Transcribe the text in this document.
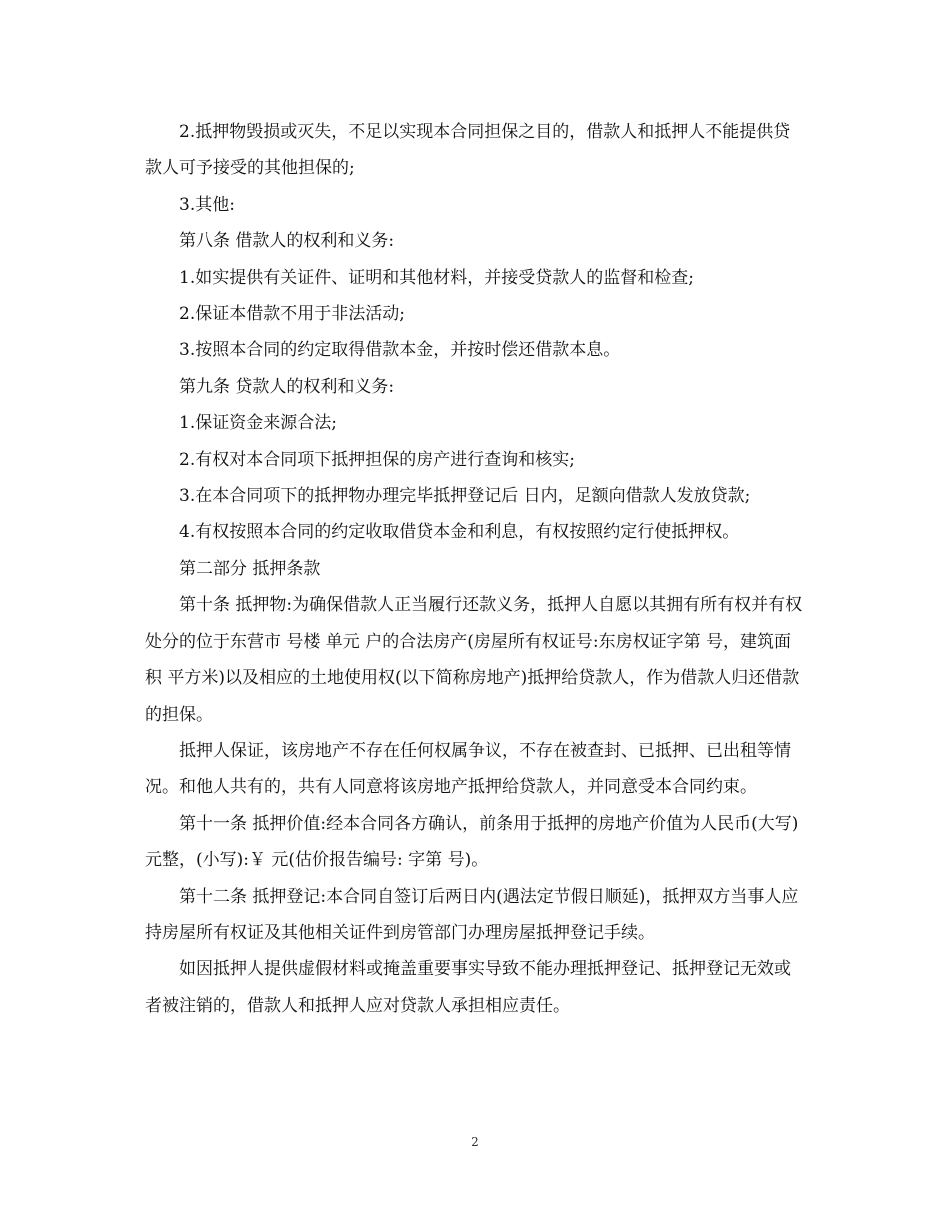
2.抵押物毁损或灭失，不足以实现本合同担保之目的，借款人和抵押人不能提供贷款人可予接受的其他担保的;

3.其他:

第八条 借款人的权利和义务:

1.如实提供有关证件、证明和其他材料，并接受贷款人的监督和检查;

2.保证本借款不用于非法活动;

3.按照本合同的约定取得借款本金，并按时偿还借款本息。

第九条 贷款人的权利和义务:

1.保证资金来源合法;

2.有权对本合同项下抵押担保的房产进行查询和核实;

3.在本合同项下的抵押物办理完毕抵押登记后 日内，足额向借款人发放贷款;

4.有权按照本合同的约定收取借贷本金和利息，有权按照约定行使抵押权。

第二部分 抵押条款

第十条 抵押物:为确保借款人正当履行还款义务，抵押人自愿以其拥有所有权并有权处分的位于东营市 号楼 单元 户的合法房产(房屋所有权证号:东房权证字第 号，建筑面积 平方米)以及相应的土地使用权(以下简称房地产)抵押给贷款人，作为借款人归还借款的担保。

抵押人保证，该房地产不存在任何权属争议，不存在被查封、已抵押、已出租等情况。和他人共有的，共有人同意将该房地产抵押给贷款人，并同意受本合同约束。

第十一条 抵押价值:经本合同各方确认，前条用于抵押的房地产价值为人民币(大写) 元整，(小写):￥ 元(估价报告编号: 字第 号)。

第十二条 抵押登记:本合同自签订后两日内(遇法定节假日顺延)，抵押双方当事人应持房屋所有权证及其他相关证件到房管部门办理房屋抵押登记手续。

如因抵押人提供虚假材料或掩盖重要事实导致不能办理抵押登记、抵押登记无效或者被注销的，借款人和抵押人应对贷款人承担相应责任。

2
